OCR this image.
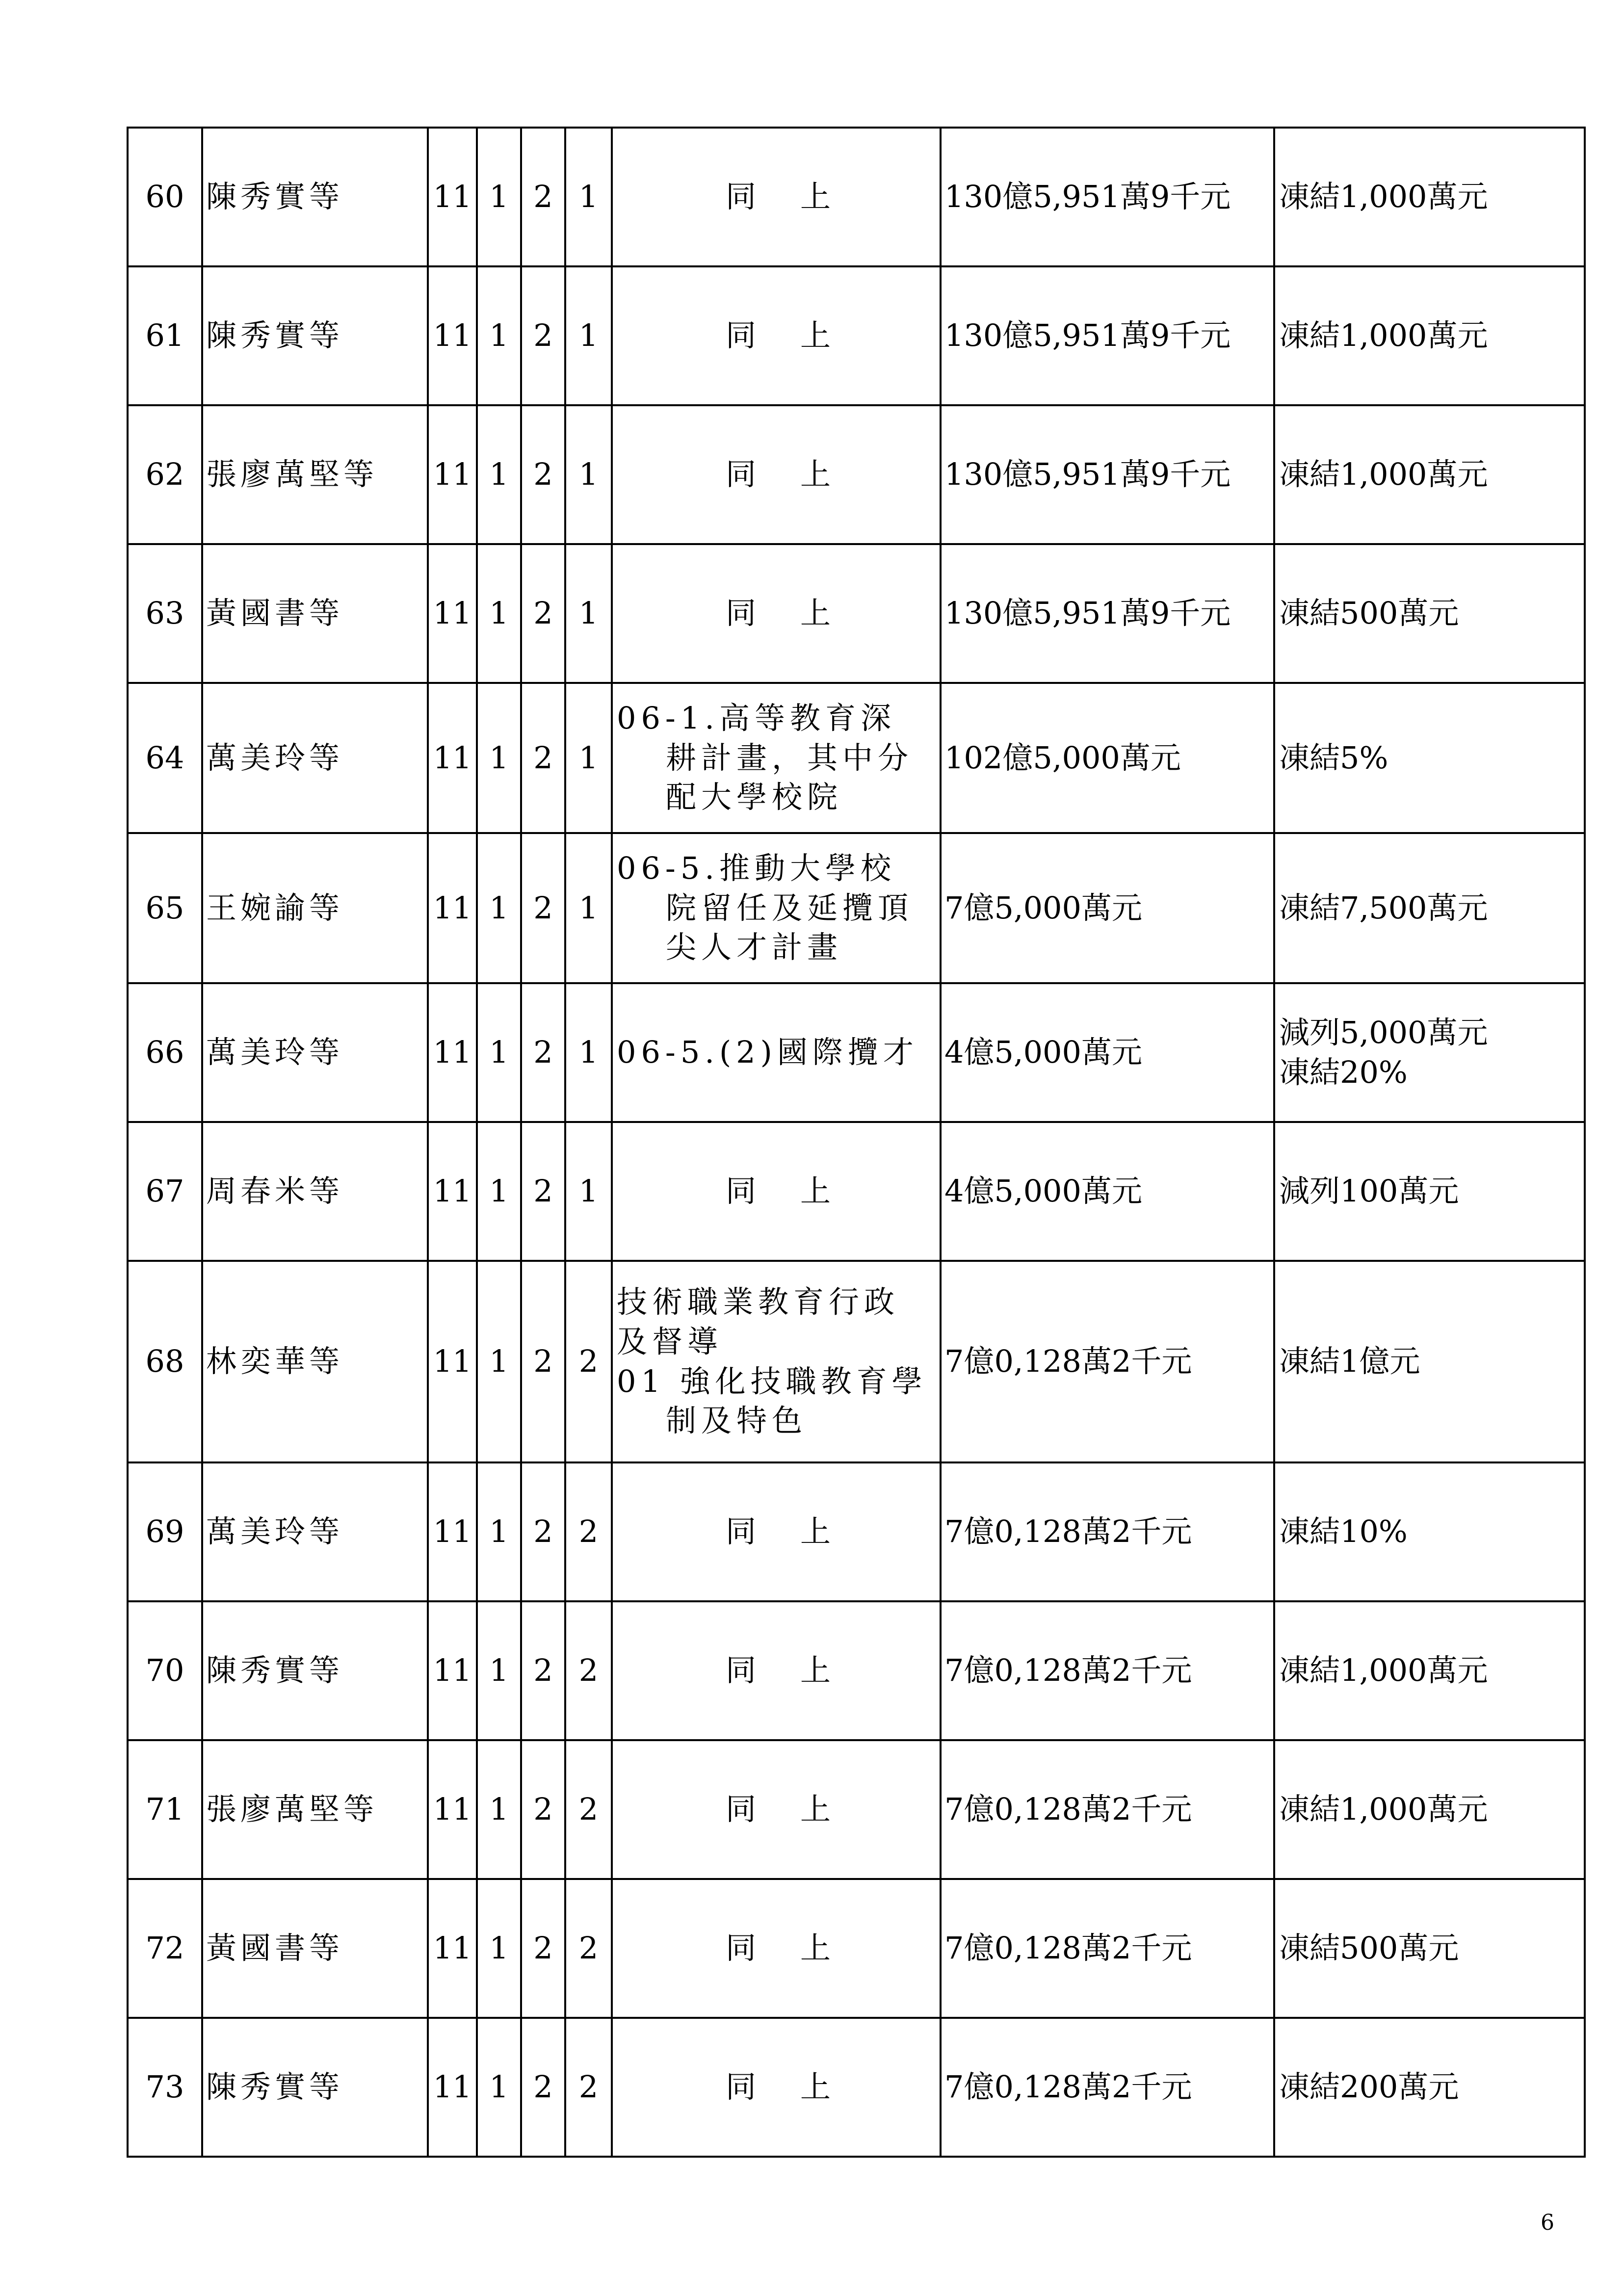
60	陳秀實等	11	1	2	1	同 上	130億5,951萬9千元	凍結1,000萬元

61	陳秀實等	11	1	2	1	同 上	130億5,951萬9千元	凍結1,000萬元

62	張廖萬堅等	11	1	2	1	同 上	130億5,951萬9千元	凍結1,000萬元

63	黃國書等	11	1	2	1	同 上	130億5,951萬9千元	凍結500萬元

64	萬美玲等	11	1	2	1	06-1.高等教育深
耕計畫，其中分
配大學校院	102億5,000萬元	凍結5%

65	王婉諭等	11	1	2	1	06-5.推動大學校
院留任及延攬頂
尖人才計畫	7億5,000萬元	凍結7,500萬元

66	萬美玲等	11	1	2	1	06-5.(2)國際攬才	4億5,000萬元	減列5,000萬元
凍結20%

67	周春米等	11	1	2	1	同 上	4億5,000萬元	減列100萬元

68	林奕華等	11	1	2	2	技術職業教育行政
及督導
01 強化技職教育學
制及特色	7億0,128萬2千元	凍結1億元

69	萬美玲等	11	1	2	2	同 上	7億0,128萬2千元	凍結10%

70	陳秀實等	11	1	2	2	同 上	7億0,128萬2千元	凍結1,000萬元

71	張廖萬堅等	11	1	2	2	同 上	7億0,128萬2千元	凍結1,000萬元

72	黃國書等	11	1	2	2	同 上	7億0,128萬2千元	凍結500萬元

73	陳秀實等	11	1	2	2	同 上	7億0,128萬2千元	凍結200萬元
6
